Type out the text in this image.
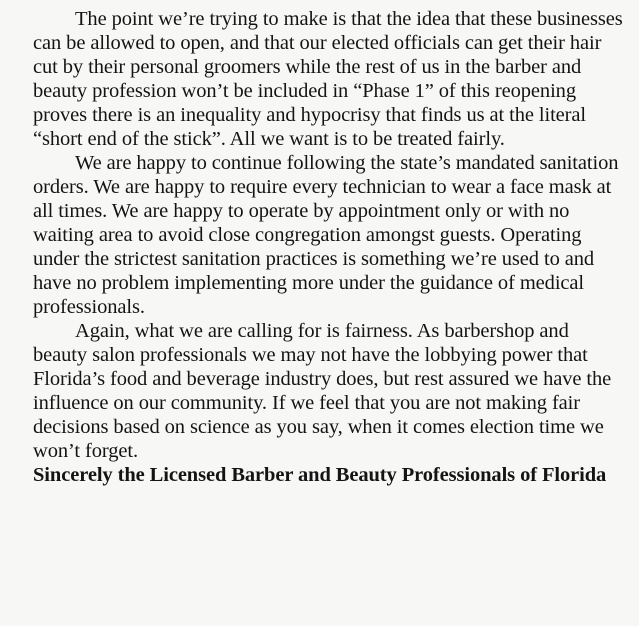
The point we’re trying to make is that the idea that these businesses can be allowed to open, and that our elected officials can get their hair cut by their personal groomers while the rest of us in the barber and beauty profession won’t be included in “Phase 1” of this reopening proves there is an inequality and hypocrisy that finds us at the literal “short end of the stick”. All we want is to be treated fairly.

We are happy to continue following the state’s mandated sanitation orders. We are happy to require every technician to wear a face mask at all times. We are happy to operate by appointment only or with no waiting area to avoid close congregation amongst guests. Operating under the strictest sanitation practices is something we’re used to and have no problem implementing more under the guidance of medical professionals.

Again, what we are calling for is fairness. As barbershop and beauty salon professionals we may not have the lobbying power that Florida’s food and beverage industry does, but rest assured we have the influence on our community. If we feel that you are not making fair decisions based on science as you say, when it comes election time we won’t forget.

Sincerely the Licensed Barber and Beauty Professionals of Florida
